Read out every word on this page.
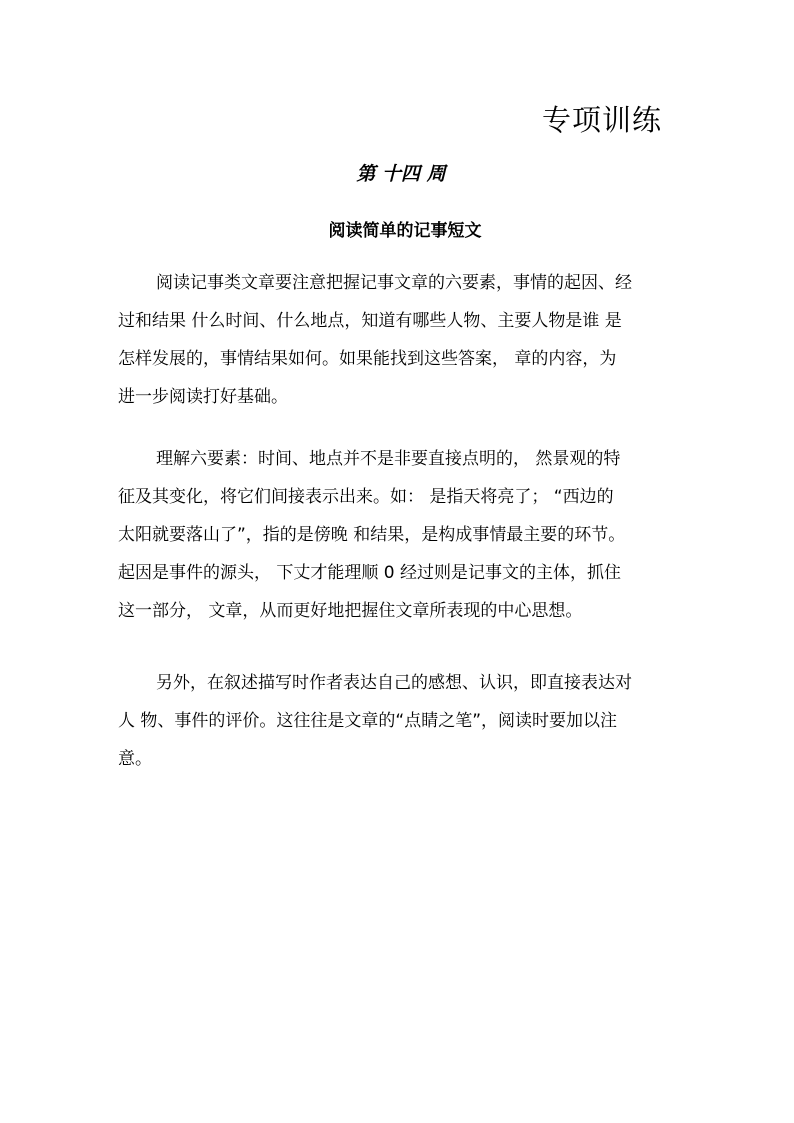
专项训练
第 十四 周
阅读简单的记事短文
阅读记事类文章要注意把握记事文章的六要素，事情的起因、经
过和结果 什么时间、什么地点，知道有哪些人物、主要人物是谁 是
怎样发展的，事情结果如何。如果能找到这些答案， 章的内容，为
进一步阅读打好基础。
理解六要素：时间、地点并不是非要直接点明的， 然景观的特
征及其变化，将它们间接表示出来。如： 是指天将亮了； “西边的
太阳就要落山了”，指的是傍晚 和结果，是构成事情最主要的环节。
起因是事件的源头， 下丈才能理顺 0 经过则是记事文的主体，抓住
这一部分， 文章，从而更好地把握住文章所表现的中心思想。
另外，在叙述描写时作者表达自己的感想、认识，即直接表达对
人 物、事件的评价。这往往是文章的“点睛之笔”，阅读时要加以注
意。
